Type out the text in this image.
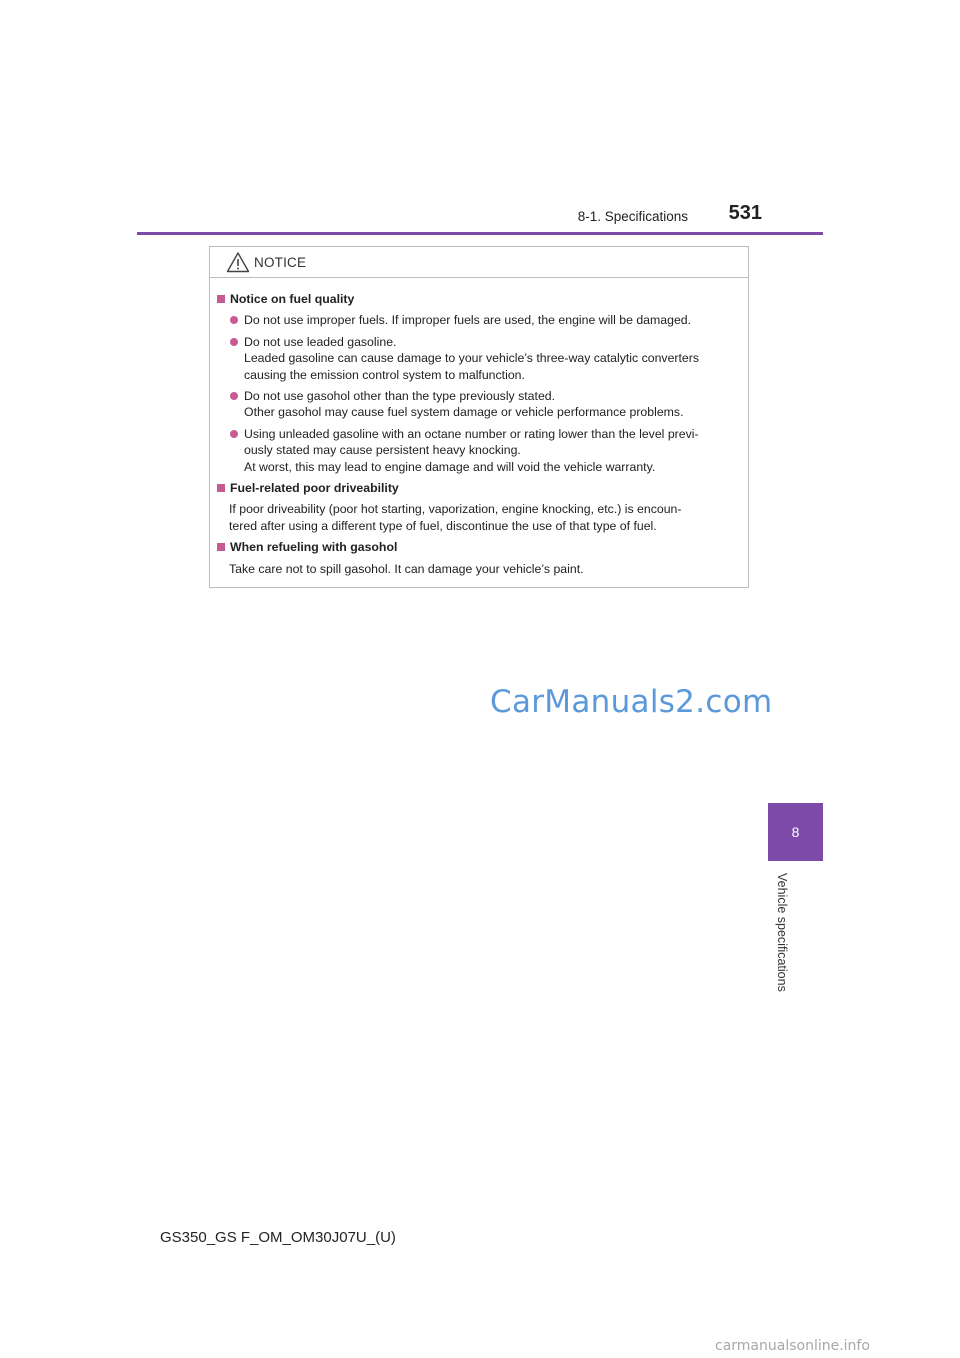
8-1. Specifications	531
8
Vehicle specifications
NOTICE
Notice on fuel quality
Do not use improper fuels. If improper fuels are used, the engine will be damaged.
Do not use leaded gasoline.
Leaded gasoline can cause damage to your vehicle’s three-way catalytic converters
causing the emission control system to malfunction.
Do not use gasohol other than the type previously stated.
Other gasohol may cause fuel system damage or vehicle performance problems.
Using unleaded gasoline with an octane number or rating lower than the level previ-
ously stated may cause persistent heavy knocking.
At worst, this may lead to engine damage and will void the vehicle warranty.
Fuel-related poor driveability
If poor driveability (poor hot starting, vaporization, engine knocking, etc.) is encoun-
tered after using a different type of fuel, discontinue the use of that type of fuel.
When refueling with gasohol
Take care not to spill gasohol. It can damage your vehicle’s paint.
CarManuals2.com
GS350_GS F_OM_OM30J07U_(U)
carmanualsonline.info
